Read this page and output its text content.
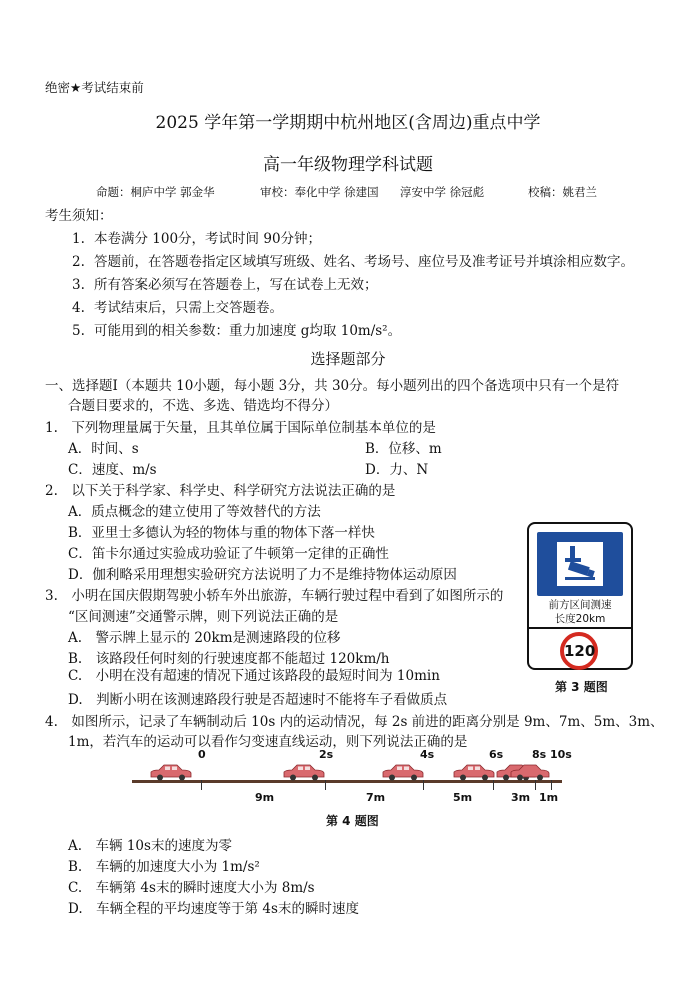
绝密★考试结束前
2025 学年第一学期期中杭州地区(含周边)重点中学
高一年级物理学科试题
命题：桐庐中学 郭金华	审校：奉化中学 徐建国 淳安中学 徐冠彪	校稿：姚君兰
考生须知：
1. 本卷满分 100分，考试时间 90分钟；
2. 答题前，在答题卷指定区域填写班级、姓名、考场号、座位号及准考证号并填涂相应数字。
3. 所有答案必须写在答题卷上，写在试卷上无效；
4. 考试结束后，只需上交答题卷。
5. 可能用到的相关参数：重力加速度 g均取 10m/s²。
选择题部分
一、选择题Ⅰ（本题共 10小题，每小题 3分，共 30分。每小题列出的四个备选项中只有一个是符
合题目要求的，不选、多选、错选均不得分）
1.　下列物理量属于矢量，且其单位属于国际单位制基本单位的是
A．时间、s	B．位移、m
C．速度、m/s	D．力、N
2.　以下关于科学家、科学史、科学研究方法说法正确的是
A．质点概念的建立使用了等效替代的方法
B．亚里士多德认为轻的物体与重的物体下落一样快
C．笛卡尔通过实验成功验证了牛顿第一定律的正确性
D．伽利略采用理想实验研究方法说明了力不是维持物体运动原因
3.　小明在国庆假期驾驶小轿车外出旅游，车辆行驶过程中看到了如图所示的
“区间测速”交通警示牌，则下列说法正确的是
A.　警示牌上显示的 20km是测速路段的位移
B.　该路段任何时刻的行驶速度都不能超过 120km/h
C.　小明在没有超速的情况下通过该路段的最短时间为 10min
D.　判断小明在该测速路段行驶是否超速时不能将车子看做质点
前方区间测速
长度20km
120
第 3 题图
4.　如图所示，记录了车辆制动后 10s 内的运动情况，每 2s 前进的距离分别是 9m、7m、5m、3m、
1m，若汽车的运动可以看作匀变速直线运动，则下列说法正确的是
0	2s	4s	6s	8s 10s
9m	7m	5m	3m 1m
第 4 题图
A.　车辆 10s末的速度为零
B.　车辆的加速度大小为 1m/s²
C.　车辆第 4s末的瞬时速度大小为 8m/s
D.　车辆全程的平均速度等于第 4s末的瞬时速度
